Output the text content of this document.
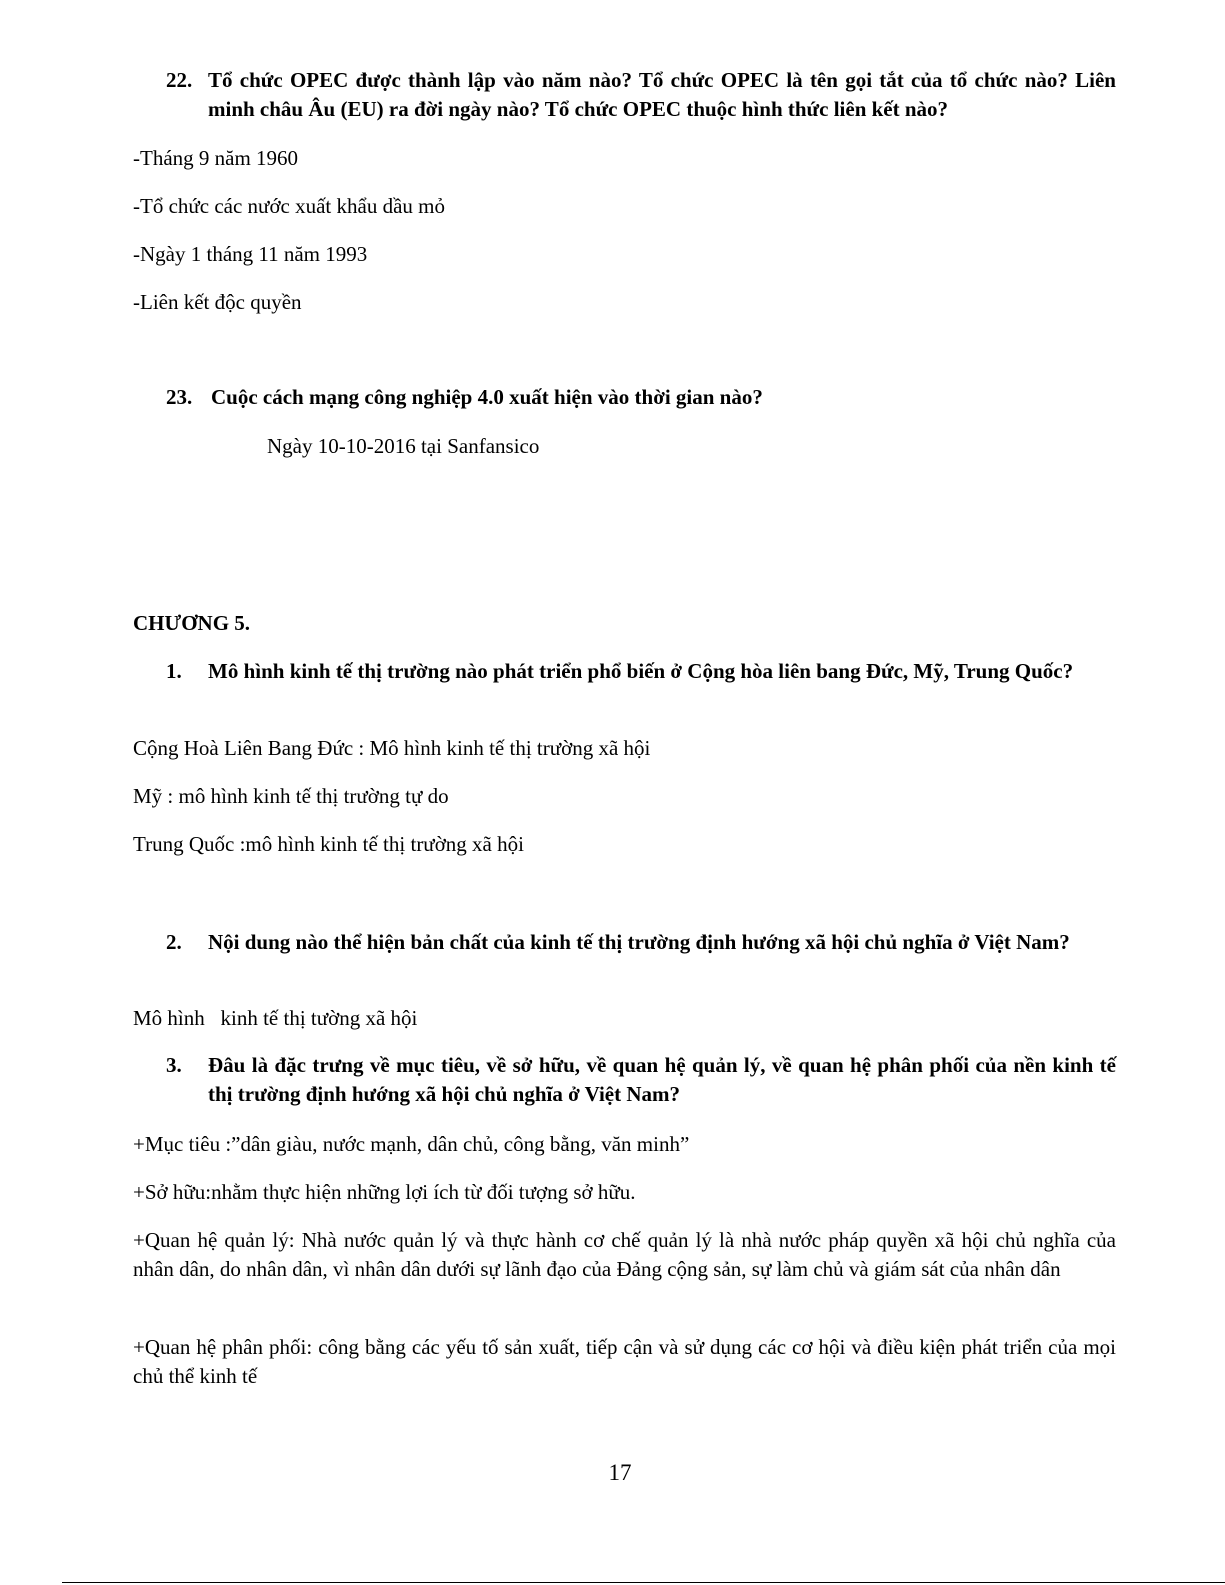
22. Tổ chức OPEC được thành lập vào năm nào? Tổ chức OPEC là tên gọi tắt của tổ chức nào? Liên minh châu Âu (EU) ra đời ngày nào? Tổ chức OPEC thuộc hình thức liên kết nào?
-Tháng 9 năm 1960
-Tổ chức các nước xuất khẩu dầu mỏ
-Ngày 1 tháng 11 năm 1993
-Liên kết độc quyền
23. Cuộc cách mạng công nghiệp 4.0 xuất hiện vào thời gian nào?
Ngày 10-10-2016 tại Sanfansico
CHƯƠNG 5.
1. Mô hình kinh tế thị trường nào phát triển phổ biến ở Cộng hòa liên bang Đức, Mỹ, Trung Quốc?
Cộng Hoà Liên Bang Đức : Mô hình kinh tế thị trường xã hội
Mỹ : mô hình kinh tế thị trường tự do
Trung Quốc :mô hình kinh tế thị trường xã hội
2. Nội dung nào thể hiện bản chất của kinh tế thị trường định hướng xã hội chủ nghĩa ở Việt Nam?
Mô hình   kinh tế thị tường xã hội
3. Đâu là đặc trưng về mục tiêu, về sở hữu, về quan hệ quản lý, về quan hệ phân phối của nền kinh tế thị trường định hướng xã hội chủ nghĩa ở Việt Nam?
+Mục tiêu :”dân giàu, nước mạnh, dân chủ, công bằng, văn minh”
+Sở hữu:nhằm thực hiện những lợi ích từ đối tượng sở hữu.
+Quan hệ quản lý: Nhà nước quản lý và thực hành cơ chế quản lý là nhà nước pháp quyền xã hội chủ nghĩa của nhân dân, do nhân dân, vì nhân dân dưới sự lãnh đạo của Đảng cộng sản, sự làm chủ và giám sát của nhân dân
+Quan hệ phân phối: công bằng các yếu tố sản xuất, tiếp cận và sử dụng các cơ hội và điều kiện phát triển của mọi chủ thể kinh tế
17
